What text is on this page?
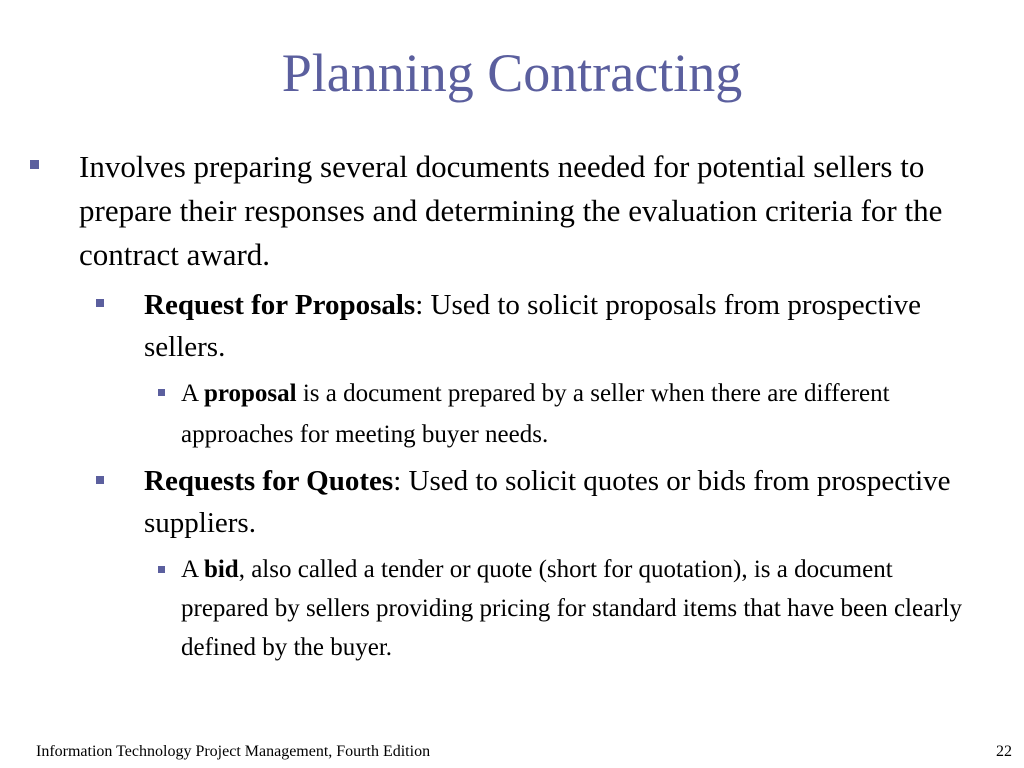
Planning Contracting

Involves preparing several documents needed for potential sellers to prepare their responses and determining the evaluation criteria for the contract award.

Request for Proposals: Used to solicit proposals from prospective sellers.

A proposal is a document prepared by a seller when there are different approaches for meeting buyer needs.

Requests for Quotes: Used to solicit quotes or bids from prospective suppliers.

A bid, also called a tender or quote (short for quotation), is a document prepared by sellers providing pricing for standard items that have been clearly defined by the buyer.

Information Technology Project Management, Fourth Edition	22
